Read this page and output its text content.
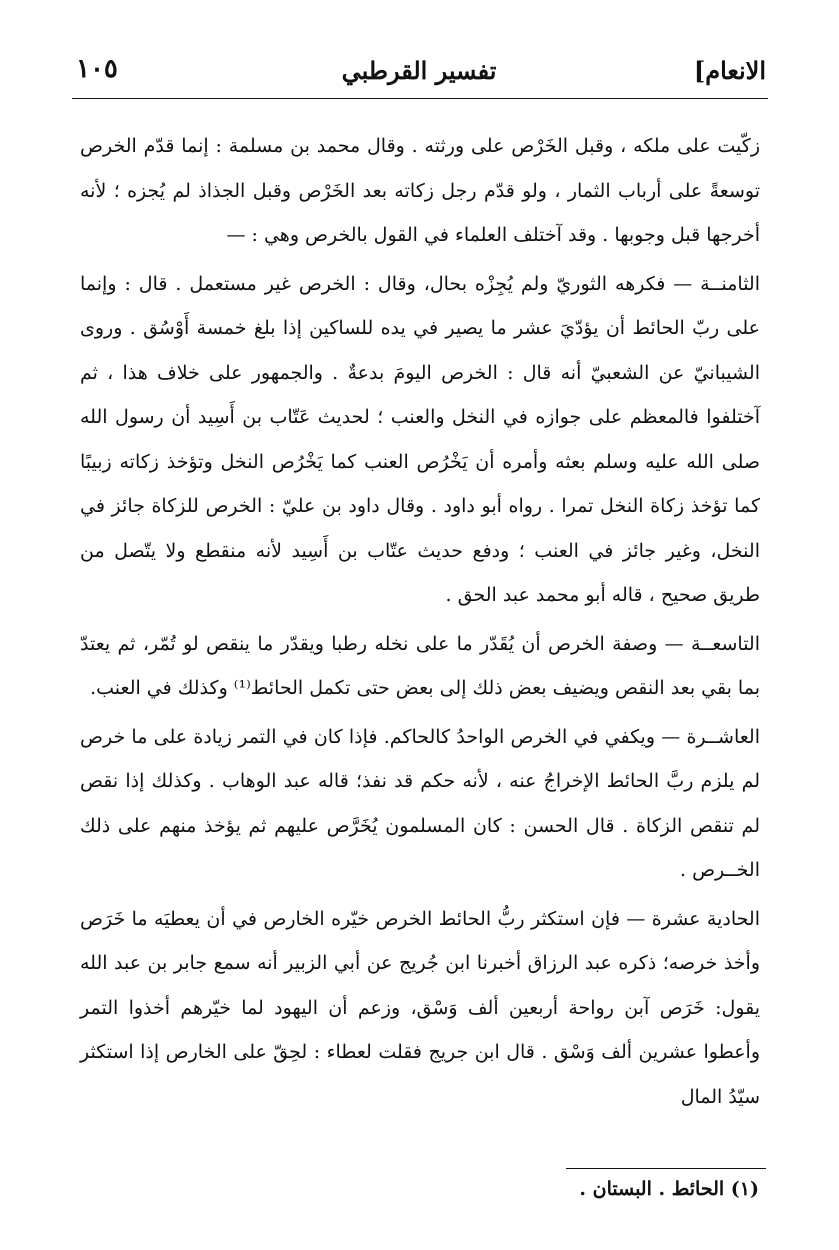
الانعام]
تفسير القرطبي
١٠٥

زكّيت على ملكه ، وقبل الخَرْص على ورثته . وقال محمد بن مسلمة : إنما قدّم الخرص توسعةً على أرباب الثمار ، ولو قدّم رجل زكاته بعد الخَرْص وقبل الجذاذ لم يُجزه ؛ لأنه أخرجها قبل وجوبها . وقد آختلف العلماء في القول بالخرص وهي : —

الثامنــة — فكرهه الثوريّ ولم يُجِزْه بحال، وقال : الخرص غير مستعمل . قال : وإنما على ربّ الحائط أن يؤدّيَ عشر ما يصير في يده للساكين إذا بلغ خمسة أَوْسُق . وروى الشيبانيّ عن الشعبيّ أنه قال : الخرص اليومَ بدعةٌ . والجمهور على خلاف هذا ، ثم آختلفوا فالمعظم على جوازه في النخل والعنب ؛ لحديث عَتّاب بن أَسِيد أن رسول الله صلى الله عليه وسلم بعثه وأمره أن يَخْرُص العنب كما يَخْرُص النخل وتؤخذ زكاته زبيبًا كما تؤخذ زكاة النخل تمرا . رواه أبو داود . وقال داود بن عليّ : الخرص للزكاة جائز في النخل، وغير جائز في العنب ؛ ودفع حديث عتّاب بن أَسِيد لأنه منقطع ولا يتّصل من طريق صحيح ، قاله أبو محمد عبد الحق .

التاسعــة — وصفة الخرص أن يُقَدّر ما على نخله رطبا ويقدّر ما ينقص لو تُمّر، ثم يعتدّ بما بقي بعد النقص ويضيف بعض ذلك إلى بعض حتى تكمل الحائط⁽¹⁾ وكذلك في العنب.

العاشــرة — ويكفي في الخرص الواحدُ كالحاكم. فإذا كان في التمر زيادة على ما خرص لم يلزم ربَّ الحائط الإخراجُ عنه ، لأنه حكم قد نفذ؛ قاله عبد الوهاب . وكذلك إذا نقص لم تنقص الزكاة . قال الحسن : كان المسلمون يُخَرَّص عليهم ثم يؤخذ منهم على ذلك الخــرص .

الحادية عشرة — فإن استكثر ربُّ الحائط الخرص خيّره الخارص في أن يعطيَه ما خَرَص وأخذ خرصه؛ ذكره عبد الرزاق أخبرنا ابن جُريج عن أبي الزبير أنه سمع جابر بن عبد الله يقول: خَرَص آبن رواحة أربعين ألف وَسْق، وزعم أن اليهود لما خيّرهم أخذوا التمر وأعطوا عشرين ألف وَسْق . قال ابن جريج فقلت لعطاء : لحِقّ على الخارص إذا استكثر سيّدُ المال

(١) الحائط . البستان .
